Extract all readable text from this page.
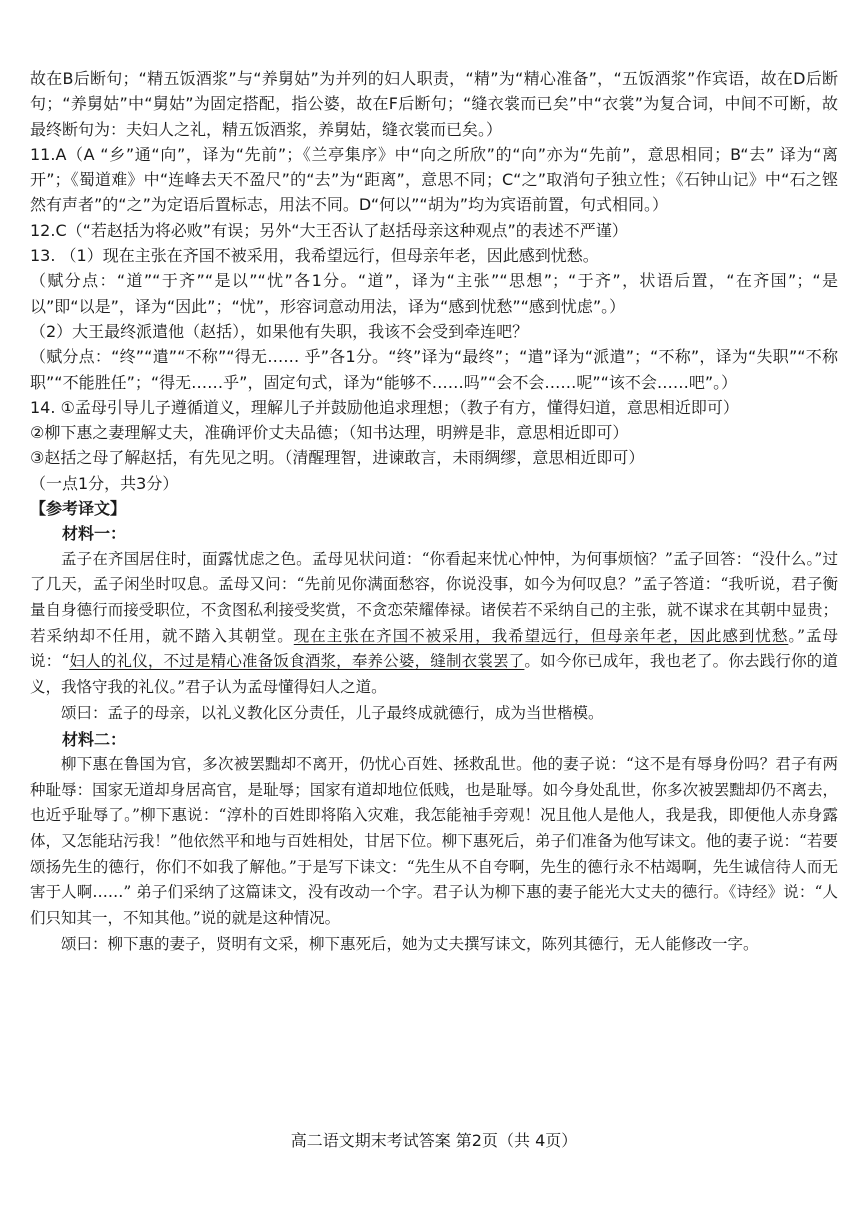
故在B后断句；“精五饭酒浆”与“养舅姑”为并列的妇人职责，“精”为“精心准备”，“五饭酒浆”作宾语，故在D后断句；“养舅姑”中“舅姑”为固定搭配，指公婆，故在F后断句；“缝衣裳而已矣”中“衣裳”为复合词，中间不可断，故最终断句为：夫妇人之礼，精五饭酒浆，养舅姑，缝衣裳而已矣。）

11.A（A “乡”通“向”，译为“先前”；《兰亭集序》中“向之所欣”的“向”亦为“先前”，意思相同；B“去” 译为“离开”；《蜀道难》中“连峰去天不盈尺”的“去”为“距离”，意思不同；C“之”取消句子独立性；《石钟山记》中“石之铿然有声者”的“之”为定语后置标志，用法不同。D“何以”“胡为”均为宾语前置，句式相同。）

12.C（“若赵括为将必败”有误；另外“大王否认了赵括母亲这种观点”的表述不严谨）

13. （1）现在主张在齐国不被采用，我希望远行，但母亲年老，因此感到忧愁。

（赋分点：“道”“于齐”“是以”“忧”各1分。“道”，译为“主张”“思想”；“于齐”，状语后置，“在齐国”；“是以”即“以是”，译为“因此”；“忧”，形容词意动用法，译为“感到忧愁”“感到忧虑”。）

（2）大王最终派遣他（赵括），如果他有失职，我该不会受到牵连吧？

（赋分点：“终”“遣”“不称”“得无…… 乎”各1分。“终”译为“最终”；“遣”译为“派遣”；“不称”，译为“失职”“不称职”“不能胜任”；“得无……乎”，固定句式，译为“能够不……吗”“会不会……呢”“该不会……吧”。）

14. ①孟母引导儿子遵循道义，理解儿子并鼓励他追求理想；（教子有方，懂得妇道，意思相近即可）

②柳下惠之妻理解丈夫，准确评价丈夫品德；（知书达理，明辨是非，意思相近即可）

③赵括之母了解赵括，有先见之明。（清醒理智，进谏敢言，未雨绸缪，意思相近即可）

（一点1分，共3分）

【参考译文】

材料一：

孟子在齐国居住时，面露忧虑之色。孟母见状问道：“你看起来忧心忡忡，为何事烦恼？”孟子回答：“没什么。”过了几天，孟子闲坐时叹息。孟母又问：“先前见你满面愁容，你说没事，如今为何叹息？”孟子答道：“我听说，君子衡量自身德行而接受职位，不贪图私利接受奖赏，不贪恋荣耀俸禄。诸侯若不采纳自己的主张，就不谋求在其朝中显贵；若采纳却不任用，就不踏入其朝堂。现在主张在齐国不被采用，我希望远行，但母亲年老，因此感到忧愁。”孟母说：“妇人的礼仪，不过是精心准备饭食酒浆，奉养公婆，缝制衣裳罢了。如今你已成年，我也老了。你去践行你的道义，我恪守我的礼仪。”君子认为孟母懂得妇人之道。

颂曰：孟子的母亲，以礼义教化区分责任，儿子最终成就德行，成为当世楷模。

材料二：

柳下惠在鲁国为官，多次被罢黜却不离开，仍忧心百姓、拯救乱世。他的妻子说：“这不是有辱身份吗？君子有两种耻辱：国家无道却身居高官，是耻辱；国家有道却地位低贱，也是耻辱。如今身处乱世，你多次被罢黜却仍不离去，也近乎耻辱了。”柳下惠说：“淳朴的百姓即将陷入灾难，我怎能袖手旁观！况且他人是他人，我是我，即便他人赤身露体，又怎能玷污我！”他依然平和地与百姓相处，甘居下位。柳下惠死后，弟子们准备为他写诔文。他的妻子说：“若要颂扬先生的德行，你们不如我了解他。”于是写下诔文：“先生从不自夸啊，先生的德行永不枯竭啊，先生诚信待人而无害于人啊……” 弟子们采纳了这篇诔文，没有改动一个字。君子认为柳下惠的妻子能光大丈夫的德行。《诗经》说：“人们只知其一，不知其他。”说的就是这种情况。

颂曰：柳下惠的妻子，贤明有文采，柳下惠死后，她为丈夫撰写诔文，陈列其德行，无人能修改一字。

高二语文期末考试答案 第2页（共 4页）
